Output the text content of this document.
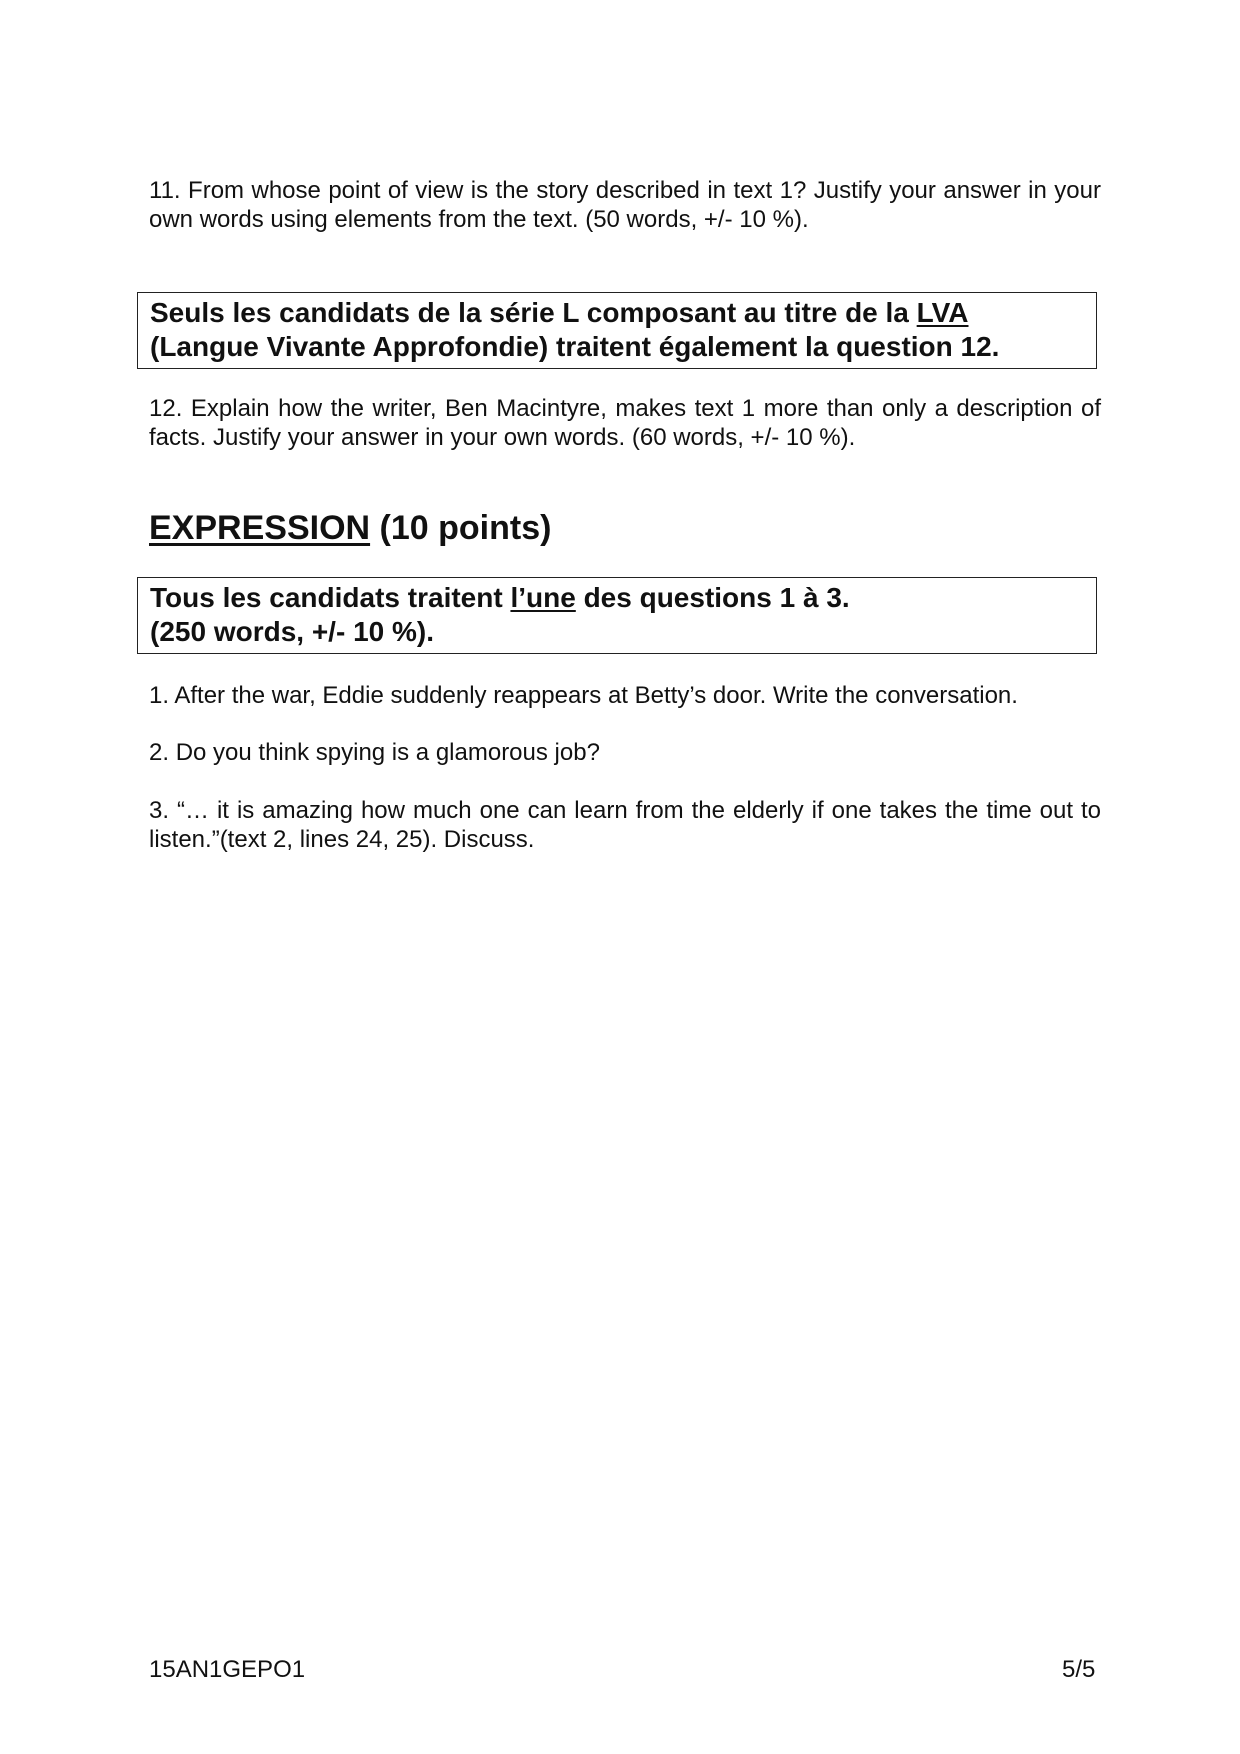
11. From whose point of view is the story described in text 1? Justify your answer in your own words using elements from the text. (50 words, +/- 10 %).

Seuls les candidats de la série L composant au titre de la LVA

(Langue Vivante Approfondie) traitent également la question 12.

12. Explain how the writer, Ben Macintyre, makes text 1 more than only a description of facts. Justify your answer in your own words. (60 words, +/- 10 %).

EXPRESSION (10 points)

Tous les candidats traitent l’une des questions 1 à 3.

(250 words, +/- 10 %).

1. After the war, Eddie suddenly reappears at Betty’s door. Write the conversation.

2. Do you think spying is a glamorous job?

3. “… it is amazing how much one can learn from the elderly if one takes the time out to listen.”(text 2, lines 24, 25). Discuss.

15AN1GEPO1	5/5
